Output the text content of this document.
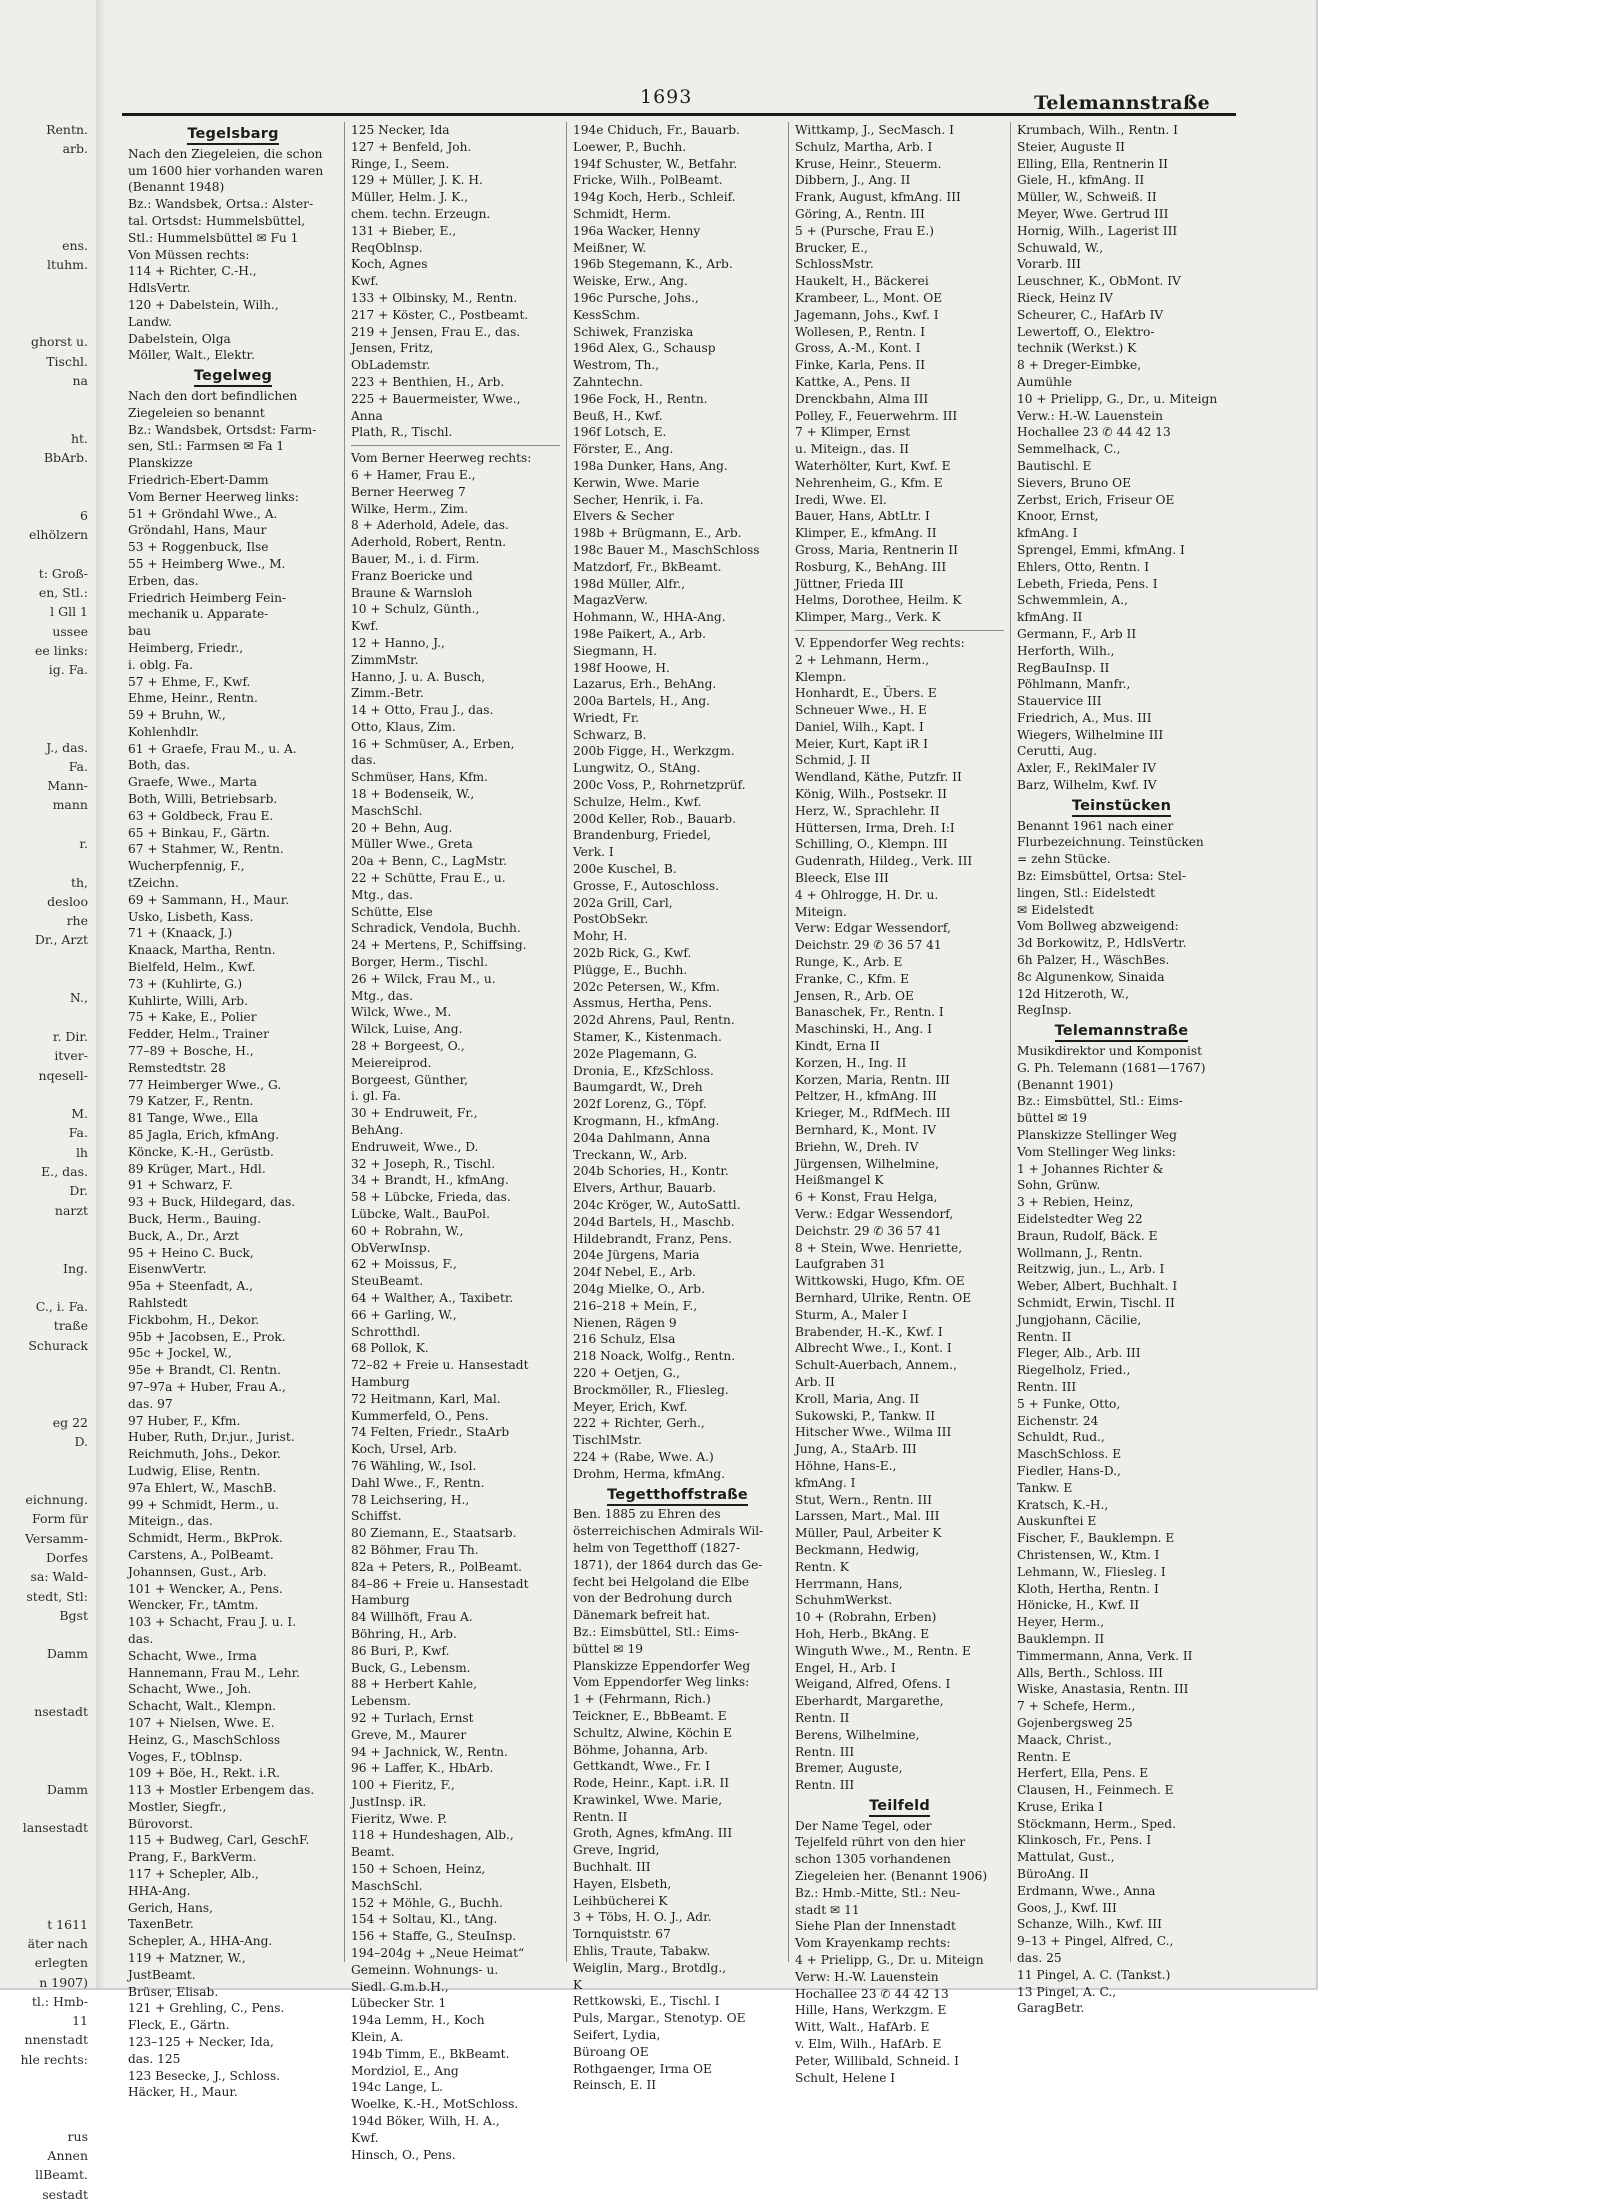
Rentn.
arb.

ens.
ltuhm.

ghorst u.
Tischl.
na

ht.
BbArb.

6
elhölzern

t: Groß-
en, Stl.:
l Gll 1
ussee
ee links:
ig. Fa.

J., das.
Fa.
Mann-
mann

r.

th,
desloo
rhe
Dr., Arzt

N.,

r. Dir.
itver-
nqesell-

M.
Fa.
lh
E., das.
Dr.
narzt

Ing.

C., i. Fa.
traße
Schurack

eg 22
D.

eichnung.
Form für
Versamm-
Dorfes
sa: Wald-
stedt, Stl:
Bgst

Damm

nsestadt

Damm

lansestadt

t 1611
äter nach
erlegten
n 1907)
tl.: Hmb-
11
nnenstadt
hle rechts:

rus
Annen
llBeamt.
sestadt
1693	Telemannstraße
Tegelsbarg
Nach den Ziegeleien, die schon
um 1600 hier vorhanden waren
(Benannt 1948)
Bz.: Wandsbek, Ortsa.: Alster-
tal. Ortsdst: Hummelsbüttel,
Stl.: Hummelsbüttel ✉ Fu 1
Von Müssen rechts:
114 + Richter, C.-H.,
HdlsVertr.
120 + Dabelstein, Wilh.,
Landw.
Dabelstein, Olga
Möller, Walt., Elektr.
Tegelweg
Nach den dort befindlichen
Ziegeleien so benannt
Bz.: Wandsbek, Ortsdst: Farm-
sen, Stl.: Farmsen ✉ Fa 1
Planskizze
Friedrich-Ebert-Damm
Vom Berner Heerweg links:
51 + Gröndahl Wwe., A.
Gröndahl, Hans, Maur
53 + Roggenbuck, Ilse
55 + Heimberg Wwe., M.
Erben, das.
Friedrich Heimberg Fein-
mechanik u. Apparate-
bau
Heimberg, Friedr.,
i. oblg. Fa.
57 + Ehme, F., Kwf.
Ehme, Heinr., Rentn.
59 + Bruhn, W.,
Kohlenhdlr.
61 + Graefe, Frau M., u. A.
Both, das.
Graefe, Wwe., Marta
Both, Willi, Betriebsarb.
63 + Goldbeck, Frau E.
65 + Binkau, F., Gärtn.
67 + Stahmer, W., Rentn.
Wucherpfennig, F.,
tZeichn.
69 + Sammann, H., Maur.
Usko, Lisbeth, Kass.
71 + (Knaack, J.)
Knaack, Martha, Rentn.
Bielfeld, Helm., Kwf.
73 + (Kuhlirte, G.)
Kuhlirte, Willi, Arb.
75 + Kake, E., Polier
Fedder, Helm., Trainer
77–89 + Bosche, H.,
Remstedtstr. 28
77 Heimberger Wwe., G.
79 Katzer, F., Rentn.
81 Tange, Wwe., Ella
85 Jagla, Erich, kfmAng.
Köncke, K.-H., Gerüstb.
89 Krüger, Mart., Hdl.
91 + Schwarz, F.
93 + Buck, Hildegard, das.
Buck, Herm., Bauing.
Buck, A., Dr., Arzt
95 + Heino C. Buck,
EisenwVertr.
95a + Steenfadt, A.,
Rahlstedt
Fickbohm, H., Dekor.
95b + Jacobsen, E., Prok.
95c + Jockel, W.,
95e + Brandt, Cl. Rentn.
97–97a + Huber, Frau A.,
das. 97
97 Huber, F., Kfm.
Huber, Ruth, Dr.jur., Jurist.
Reichmuth, Johs., Dekor.
Ludwig, Elise, Rentn.
97a Ehlert, W., MaschB.
99 + Schmidt, Herm., u.
Miteign., das.
Schmidt, Herm., BkProk.
Carstens, A., PolBeamt.
Johannsen, Gust., Arb.
101 + Wencker, A., Pens.
Wencker, Fr., tAmtm.
103 + Schacht, Frau J. u. I.
das.
Schacht, Wwe., Irma
Hannemann, Frau M., Lehr.
Schacht, Wwe., Joh.
Schacht, Walt., Klempn.
107 + Nielsen, Wwe. E.
Heinz, G., MaschSchloss
Voges, F., tOblnsp.
109 + Böe, H., Rekt. i.R.
113 + Mostler Erbengem das.
Mostler, Siegfr.,
Bürovorst.
115 + Budweg, Carl, GeschF.
Prang, F., BarkVerm.
117 + Schepler, Alb.,
HHA-Ang.
Gerich, Hans,
TaxenBetr.
Schepler, A., HHA-Ang.
119 + Matzner, W.,
JustBeamt.
Brüser, Elisab.
121 + Grehling, C., Pens.
Fleck, E., Gärtn.
123–125 + Necker, Ida,
das. 125
123 Besecke, J., Schloss.
Häcker, H., Maur.
125 Necker, Ida
127 + Benfeld, Joh.
Ringe, I., Seem.
129 + Müller, J. K. H.
Müller, Helm. J. K.,
chem. techn. Erzeugn.
131 + Bieber, E.,
ReqOblnsp.
Koch, Agnes
Kwf.
133 + Olbinsky, M., Rentn.
217 + Köster, C., Postbeamt.
219 + Jensen, Frau E., das.
Jensen, Fritz,
ObLademstr.
223 + Benthien, H., Arb.
225 + Bauermeister, Wwe.,
Anna
Plath, R., Tischl.
Vom Berner Heerweg rechts:
6 + Hamer, Frau E.,
Berner Heerweg 7
Wilke, Herm., Zim.
8 + Aderhold, Adele, das.
Aderhold, Robert, Rentn.
Bauer, M., i. d. Firm.
Franz Boericke und
Braune & Warnsloh
10 + Schulz, Günth.,
Kwf.
12 + Hanno, J.,
ZimmMstr.
Hanno, J. u. A. Busch,
Zimm.-Betr.
14 + Otto, Frau J., das.
Otto, Klaus, Zim.
16 + Schmüser, A., Erben,
das.
Schmüser, Hans, Kfm.
18 + Bodenseik, W.,
MaschSchl.
20 + Behn, Aug.
Müller Wwe., Greta
20a + Benn, C., LagMstr.
22 + Schütte, Frau E., u.
Mtg., das.
Schütte, Else
Schradick, Vendola, Buchh.
24 + Mertens, P., Schiffsing.
Borger, Herm., Tischl.
26 + Wilck, Frau M., u.
Mtg., das.
Wilck, Wwe., M.
Wilck, Luise, Ang.
28 + Borgeest, O.,
Meiereiprod.
Borgeest, Günther,
i. gl. Fa.
30 + Endruweit, Fr.,
BehAng.
Endruweit, Wwe., D.
32 + Joseph, R., Tischl.
34 + Brandt, H., kfmAng.
58 + Lübcke, Frieda, das.
Lübcke, Walt., BauPol.
60 + Robrahn, W.,
ObVerwInsp.
62 + Moissus, F.,
SteuBeamt.
64 + Walther, A., Taxibetr.
66 + Garling, W.,
Schrotthdl.
68 Pollok, K.
72–82 + Freie u. Hansestadt
Hamburg
72 Heitmann, Karl, Mal.
Kummerfeld, O., Pens.
74 Felten, Friedr., StaArb
Koch, Ursel, Arb.
76 Wähling, W., Isol.
Dahl Wwe., F., Rentn.
78 Leichsering, H.,
Schiffst.
80 Ziemann, E., Staatsarb.
82 Böhmer, Frau Th.
82a + Peters, R., PolBeamt.
84–86 + Freie u. Hansestadt
Hamburg
84 Willhöft, Frau A.
Böhring, H., Arb.
86 Buri, P., Kwf.
Buck, G., Lebensm.
88 + Herbert Kahle,
Lebensm.
92 + Turlach, Ernst
Greve, M., Maurer
94 + Jachnick, W., Rentn.
96 + Laffer, K., HbArb.
100 + Fieritz, F.,
JustInsp. iR.
Fieritz, Wwe. P.
118 + Hundeshagen, Alb.,
Beamt.
150 + Schoen, Heinz,
MaschSchl.
152 + Möhle, G., Buchh.
154 + Soltau, Kl., tAng.
156 + Staffe, G., SteuInsp.
194–204g + „Neue Heimat“
Gemeinn. Wohnungs- u.
Siedl. G.m.b.H.,
Lübecker Str. 1
194a Lemm, H., Koch
Klein, A.
194b Timm, E., BkBeamt.
Mordziol, E., Ang
194c Lange, L.
Woelke, K.-H., MotSchloss.
194d Böker, Wilh, H. A.,
Kwf.
Hinsch, O., Pens.
194e Chiduch, Fr., Bauarb.
Loewer, P., Buchh.
194f Schuster, W., Betfahr.
Fricke, Wilh., PolBeamt.
194g Koch, Herb., Schleif.
Schmidt, Herm.
196a Wacker, Henny
Meißner, W.
196b Stegemann, K., Arb.
Weiske, Erw., Ang.
196c Pursche, Johs.,
KessSchm.
Schiwek, Franziska
196d Alex, G., Schausp
Westrom, Th.,
Zahntechn.
196e Fock, H., Rentn.
Beuß, H., Kwf.
196f Lotsch, E.
Förster, E., Ang.
198a Dunker, Hans, Ang.
Kerwin, Wwe. Marie
Secher, Henrik, i. Fa.
Elvers & Secher
198b + Brügmann, E., Arb.
198c Bauer M., MaschSchloss
Matzdorf, Fr., BkBeamt.
198d Müller, Alfr.,
MagazVerw.
Hohmann, W., HHA-Ang.
198e Paikert, A., Arb.
Siegmann, H.
198f Hoowe, H.
Lazarus, Erh., BehAng.
200a Bartels, H., Ang.
Wriedt, Fr.
Schwarz, B.
200b Figge, H., Werkzgm.
Lungwitz, O., StAng.
200c Voss, P., Rohrnetzprüf.
Schulze, Helm., Kwf.
200d Keller, Rob., Bauarb.
Brandenburg, Friedel,
Verk. I
200e Kuschel, B.
Grosse, F., Autoschloss.
202a Grill, Carl,
PostObSekr.
Mohr, H.
202b Rick, G., Kwf.
Plügge, E., Buchh.
202c Petersen, W., Kfm.
Assmus, Hertha, Pens.
202d Ahrens, Paul, Rentn.
Stamer, K., Kistenmach.
202e Plagemann, G.
Dronia, E., KfzSchloss.
Baumgardt, W., Dreh
202f Lorenz, G., Töpf.
Krogmann, H., kfmAng.
204a Dahlmann, Anna
Treckann, W., Arb.
204b Schories, H., Kontr.
Elvers, Arthur, Bauarb.
204c Kröger, W., AutoSattl.
204d Bartels, H., Maschb.
Hildebrandt, Franz, Pens.
204e Jürgens, Maria
204f Nebel, E., Arb.
204g Mielke, O., Arb.
216–218 + Mein, F.,
Nienen, Rägen 9
216 Schulz, Elsa
218 Noack, Wolfg., Rentn.
220 + Oetjen, G.,
Brockmöller, R., Fliesleg.
Meyer, Erich, Kwf.
222 + Richter, Gerh.,
TischlMstr.
224 + (Rabe, Wwe. A.)
Drohm, Herma, kfmAng.
Tegetthoffstraße
Ben. 1885 zu Ehren des
österreichischen Admirals Wil-
helm von Tegetthoff (1827-
1871), der 1864 durch das Ge-
fecht bei Helgoland die Elbe
von der Bedrohung durch
Dänemark befreit hat.
Bz.: Eimsbüttel, Stl.: Eims-
büttel ✉ 19
Planskizze Eppendorfer Weg
Vom Eppendorfer Weg links:
1 + (Fehrmann, Rich.)
Teickner, E., BbBeamt. E
Schultz, Alwine, Köchin E
Böhme, Johanna, Arb.
Gettkandt, Wwe., Fr. I
Rode, Heinr., Kapt. i.R. II
Krawinkel, Wwe. Marie,
Rentn. II
Groth, Agnes, kfmAng. III
Greve, Ingrid,
Buchhalt. III
Hayen, Elsbeth,
Leihbücherei K
3 + Töbs, H. O. J., Adr.
Tornquiststr. 67
Ehlis, Traute, Tabakw.
Weiglin, Marg., Brotdlg.,
K
Rettkowski, E., Tischl. I
Puls, Margar., Stenotyp. OE
Seifert, Lydia,
Büroang OE
Rothgaenger, Irma OE
Reinsch, E. II
Wittkamp, J., SecMasch. I
Schulz, Martha, Arb. I
Kruse, Heinr., Steuerm.
Dibbern, J., Ang. II
Frank, August, kfmAng. III
Göring, A., Rentn. III
5 + (Pursche, Frau E.)
Brucker, E.,
SchlossMstr.
Haukelt, H., Bäckerei
Krambeer, L., Mont. OE
Jagemann, Johs., Kwf. I
Wollesen, P., Rentn. I
Gross, A.-M., Kont. I
Finke, Karla, Pens. II
Kattke, A., Pens. II
Drenckbahn, Alma III
Polley, F., Feuerwehrm. III
7 + Klimper, Ernst
u. Miteign., das. II
Waterhölter, Kurt, Kwf. E
Nehrenheim, G., Kfm. E
Iredi, Wwe. El.
Bauer, Hans, AbtLtr. I
Klimper, E., kfmAng. II
Gross, Maria, Rentnerin II
Rosburg, K., BehAng. III
Jüttner, Frieda III
Helms, Dorothee, Heilm. K
Klimper, Marg., Verk. K
V. Eppendorfer Weg rechts:
2 + Lehmann, Herm.,
Klempn.
Honhardt, E., Übers. E
Schneuer Wwe., H. E
Daniel, Wilh., Kapt. I
Meier, Kurt, Kapt iR I
Schmid, J. II
Wendland, Käthe, Putzfr. II
König, Wilh., Postsekr. II
Herz, W., Sprachlehr. II
Hüttersen, Irma, Dreh. I:I
Schilling, O., Klempn. III
Gudenrath, Hildeg., Verk. III
Bleeck, Else III
4 + Ohlrogge, H. Dr. u.
Miteign.
Verw: Edgar Wessendorf,
Deichstr. 29 ✆ 36 57 41
Runge, K., Arb. E
Franke, C., Kfm. E
Jensen, R., Arb. OE
Banaschek, Fr., Rentn. I
Maschinski, H., Ang. I
Kindt, Erna II
Korzen, H., Ing. II
Korzen, Maria, Rentn. III
Peltzer, H., kfmAng. III
Krieger, M., RdfMech. III
Bernhard, K., Mont. IV
Briehn, W., Dreh. IV
Jürgensen, Wilhelmine,
Heißmangel K
6 + Konst, Frau Helga,
Verw.: Edgar Wessendorf,
Deichstr. 29 ✆ 36 57 41
8 + Stein, Wwe. Henriette,
Laufgraben 31
Wittkowski, Hugo, Kfm. OE
Bernhard, Ulrike, Rentn. OE
Sturm, A., Maler I
Brabender, H.-K., Kwf. I
Albrecht Wwe., I., Kont. I
Schult-Auerbach, Annem.,
Arb. II
Kroll, Maria, Ang. II
Sukowski, P., Tankw. II
Hitscher Wwe., Wilma III
Jung, A., StaArb. III
Höhne, Hans-E.,
kfmAng. I
Stut, Wern., Rentn. III
Larssen, Mart., Mal. III
Müller, Paul, Arbeiter K
Beckmann, Hedwig,
Rentn. K
Herrmann, Hans,
SchuhmWerkst.
10 + (Robrahn, Erben)
Hoh, Herb., BkAng. E
Winguth Wwe., M., Rentn. E
Engel, H., Arb. I
Weigand, Alfred, Ofens. I
Eberhardt, Margarethe,
Rentn. II
Berens, Wilhelmine,
Rentn. III
Bremer, Auguste,
Rentn. III
Teilfeld
Der Name Tegel, oder
Tejelfeld rührt von den hier
schon 1305 vorhandenen
Ziegeleien her. (Benannt 1906)
Bz.: Hmb.-Mitte, Stl.: Neu-
stadt ✉ 11
Siehe Plan der Innenstadt
Vom Krayenkamp rechts:
4 + Prielipp, G., Dr. u. Miteign
Verw: H.-W. Lauenstein
Hochallee 23 ✆ 44 42 13
Hille, Hans, Werkzgm. E
Witt, Walt., HafArb. E
v. Elm, Wilh., HafArb. E
Peter, Willibald, Schneid. I
Schult, Helene I
Krumbach, Wilh., Rentn. I
Steier, Auguste II
Elling, Ella, Rentnerin II
Giele, H., kfmAng. II
Müller, W., Schweiß. II
Meyer, Wwe. Gertrud III
Hornig, Wilh., Lagerist III
Schuwald, W.,
Vorarb. III
Leuschner, K., ObMont. IV
Rieck, Heinz IV
Scheurer, C., HafArb IV
Lewertoff, O., Elektro-
technik (Werkst.) K
8 + Dreger-Eimbke,
Aumühle
10 + Prielipp, G., Dr., u. Miteign
Verw.: H.-W. Lauenstein
Hochallee 23 ✆ 44 42 13
Semmelhack, C.,
Bautischl. E
Sievers, Bruno OE
Zerbst, Erich, Friseur OE
Knoor, Ernst,
kfmAng. I
Sprengel, Emmi, kfmAng. I
Ehlers, Otto, Rentn. I
Lebeth, Frieda, Pens. I
Schwemmlein, A.,
kfmAng. II
Germann, F., Arb II
Herforth, Wilh.,
RegBauInsp. II
Pöhlmann, Manfr.,
Stauervice III
Friedrich, A., Mus. III
Wiegers, Wilhelmine III
Cerutti, Aug.
Axler, F., ReklMaler IV
Barz, Wilhelm, Kwf. IV
Teinstücken
Benannt 1961 nach einer
Flurbezeichnung. Teinstücken
= zehn Stücke.
Bz: Eimsbüttel, Ortsa: Stel-
lingen, Stl.: Eidelstedt
✉ Eidelstedt
Vom Bollweg abzweigend:
3d Borkowitz, P., HdlsVertr.
6h Palzer, H., WäschBes.
8c Algunenkow, Sinaida
12d Hitzeroth, W.,
RegInsp.
Telemannstraße
Musikdirektor und Komponist
G. Ph. Telemann (1681—1767)
(Benannt 1901)
Bz.: Eimsbüttel, Stl.: Eims-
büttel ✉ 19
Planskizze Stellinger Weg
Vom Stellinger Weg links:
1 + Johannes Richter &
Sohn, Grünw.
3 + Rebien, Heinz,
Eidelstedter Weg 22
Braun, Rudolf, Bäck. E
Wollmann, J., Rentn.
Reitzwig, jun., L., Arb. I
Weber, Albert, Buchhalt. I
Schmidt, Erwin, Tischl. II
Jungjohann, Cäcilie,
Rentn. II
Fleger, Alb., Arb. III
Riegelholz, Fried.,
Rentn. III
5 + Funke, Otto,
Eichenstr. 24
Schuldt, Rud.,
MaschSchloss. E
Fiedler, Hans-D.,
Tankw. E
Kratsch, K.-H.,
Auskunftei E
Fischer, F., Bauklempn. E
Christensen, W., Ktm. I
Lehmann, W., Fliesleg. I
Kloth, Hertha, Rentn. I
Hönicke, H., Kwf. II
Heyer, Herm.,
Bauklempn. II
Timmermann, Anna, Verk. II
Alls, Berth., Schloss. III
Wiske, Anastasia, Rentn. III
7 + Schefe, Herm.,
Gojenbergsweg 25
Maack, Christ.,
Rentn. E
Herfert, Ella, Pens. E
Clausen, H., Feinmech. E
Kruse, Erika I
Stöckmann, Herm., Sped.
Klinkosch, Fr., Pens. I
Mattulat, Gust.,
BüroAng. II
Erdmann, Wwe., Anna
Goos, J., Kwf. III
Schanze, Wilh., Kwf. III
9–13 + Pingel, Alfred, C.,
das. 25
11 Pingel, A. C. (Tankst.)
13 Pingel, A. C.,
GaragBetr.
